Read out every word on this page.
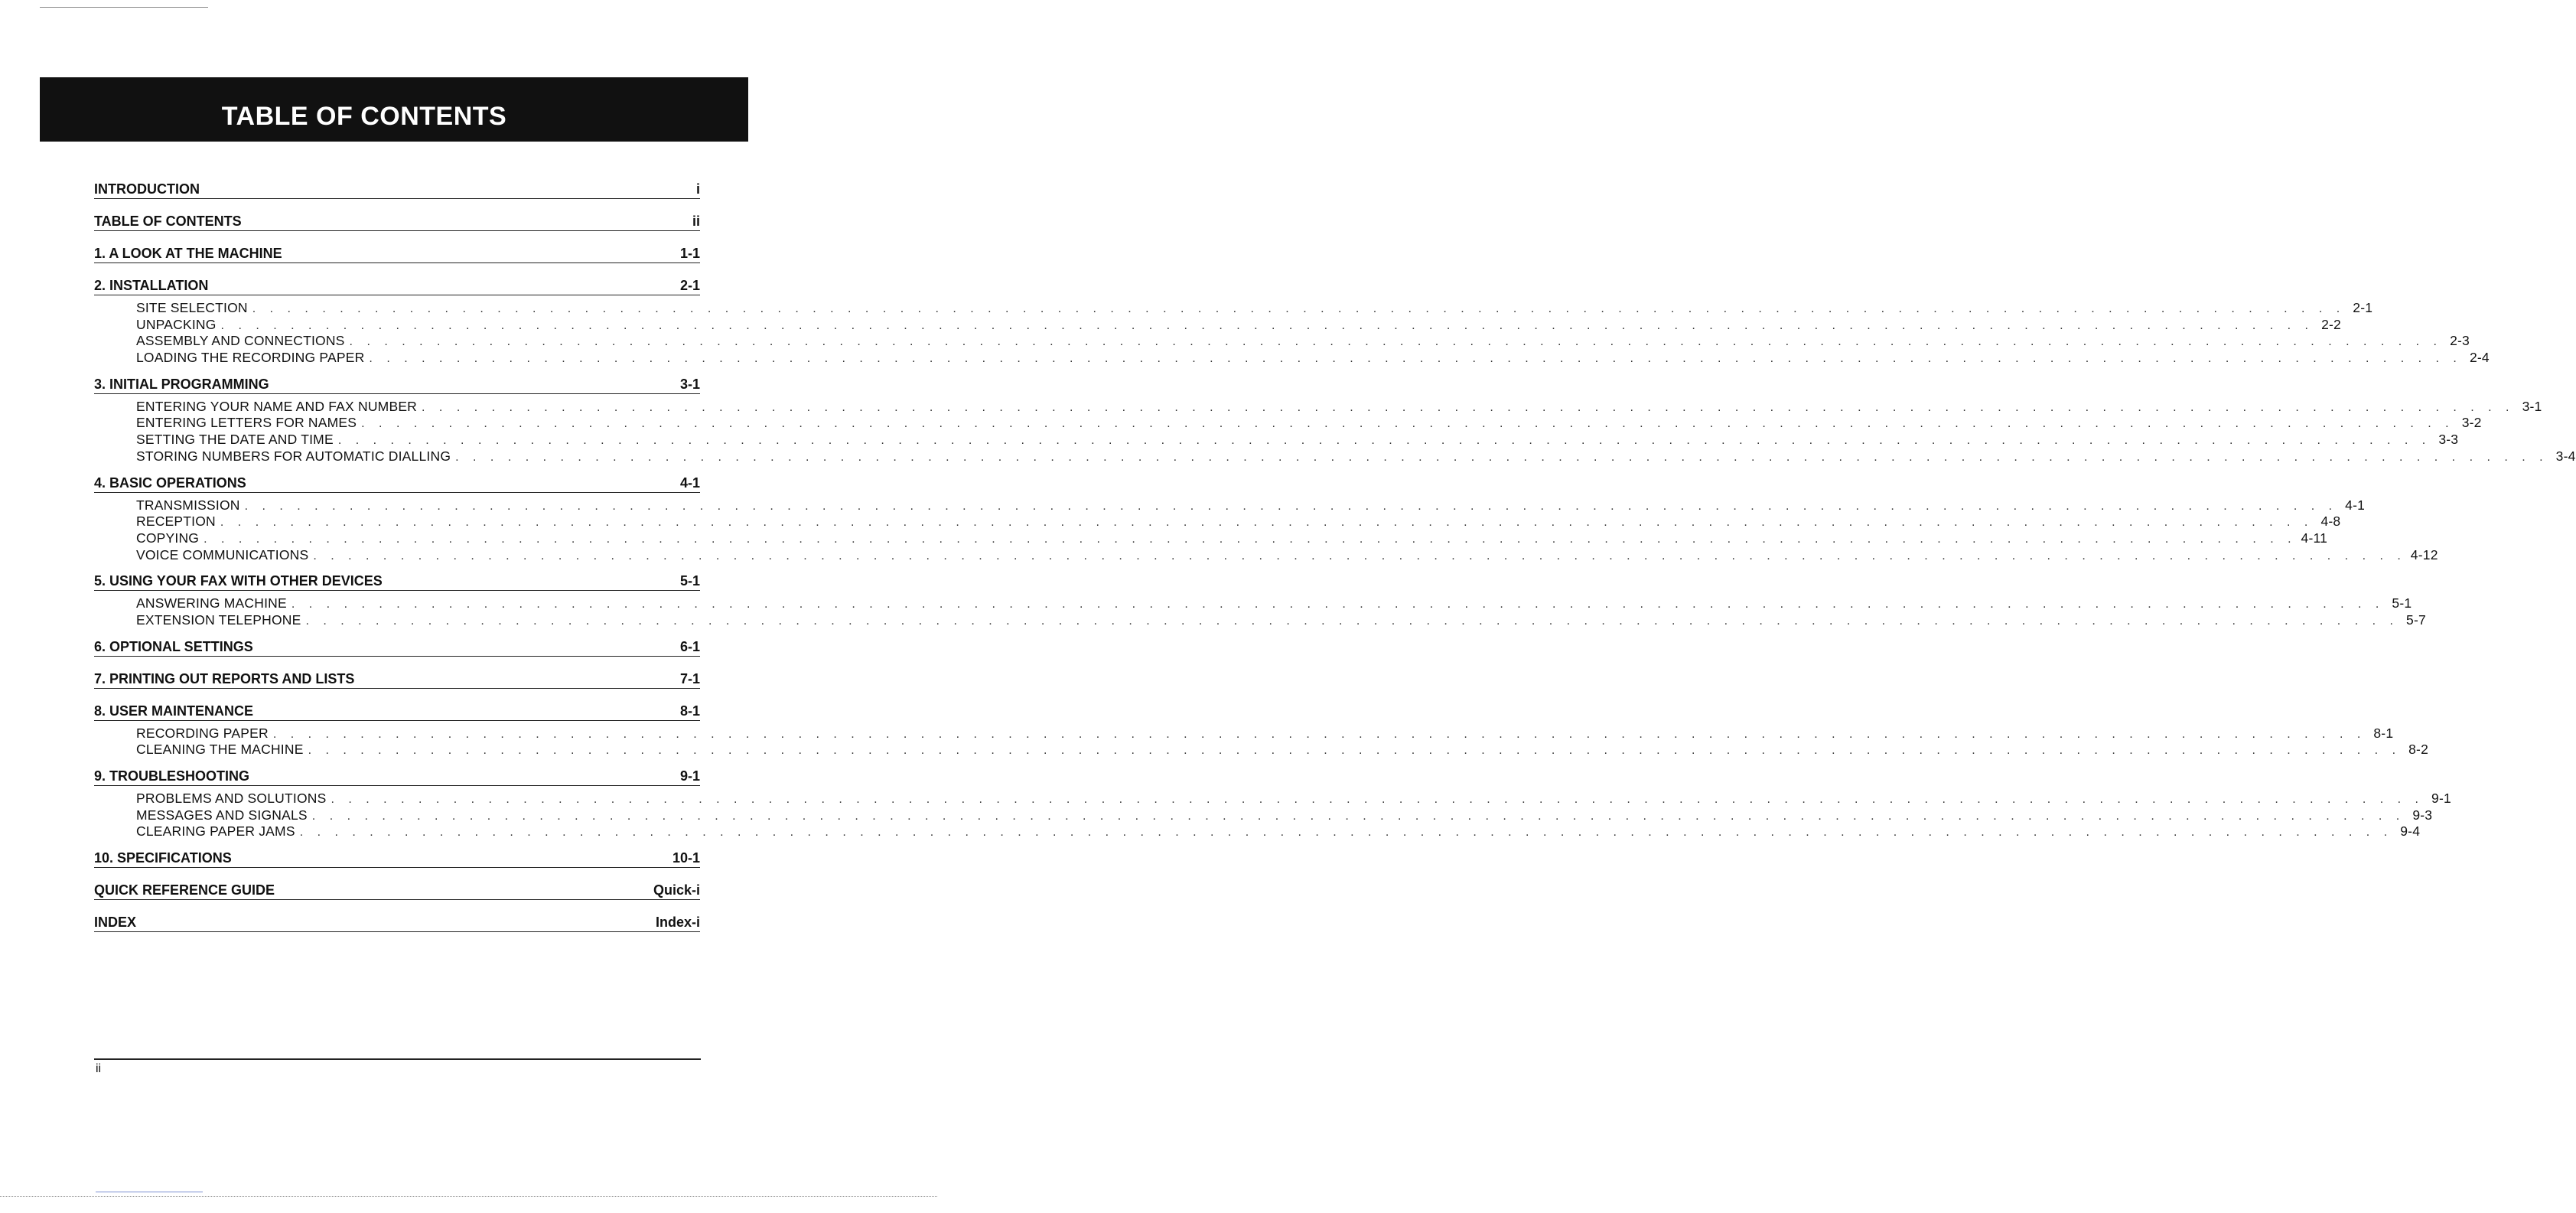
TABLE OF CONTENTS
INTRODUCTION	i
TABLE OF CONTENTS	ii
1. A LOOK AT THE MACHINE	1-1
2. INSTALLATION	2-1
SITE SELECTION . . . . . . . . . . . . . . . . . . . . . . . . . . . . . . . . . . . . . . . . . . . . . . . . . . . . . . . . . . . . . . . . . . . . . . . . . . . . . . . . . . . . . . . . . . . . . . . . . . . . . . . . . . . . . . . . . . . . . . . . 2-1
UNPACKING . . . . . . . . . . . . . . . . . . . . . . . . . . . . . . . . . . . . . . . . . . . . . . . . . . . . . . . . . . . . . . . . . . . . . . . . . . . . . . . . . . . . . . . . . . . . . . . . . . . . . . . . . . . . . . . . . . . . . . . . 2-2
ASSEMBLY AND CONNECTIONS . . . . . . . . . . . . . . . . . . . . . . . . . . . . . . . . . . . . . . . . . . . . . . . . . . . . . . . . . . . . . . . . . . . . . . . . . . . . . . . . . . . . . . . . . . . . . . . . . . . . . . . . . . . . . . . . . . . . . . . . 2-3
LOADING THE RECORDING PAPER . . . . . . . . . . . . . . . . . . . . . . . . . . . . . . . . . . . . . . . . . . . . . . . . . . . . . . . . . . . . . . . . . . . . . . . . . . . . . . . . . . . . . . . . . . . . . . . . . . . . . . . . . . . . . . . . . . . . . . . . 2-4
3. INITIAL PROGRAMMING	3-1
ENTERING YOUR NAME AND FAX NUMBER . . . . . . . . . . . . . . . . . . . . . . . . . . . . . . . . . . . . . . . . . . . . . . . . . . . . . . . . . . . . . . . . . . . . . . . . . . . . . . . . . . . . . . . . . . . . . . . . . . . . . . . . . . . . . . . . . . . . . . . . 3-1
ENTERING LETTERS FOR NAMES . . . . . . . . . . . . . . . . . . . . . . . . . . . . . . . . . . . . . . . . . . . . . . . . . . . . . . . . . . . . . . . . . . . . . . . . . . . . . . . . . . . . . . . . . . . . . . . . . . . . . . . . . . . . . . . . . . . . . . . . 3-2
SETTING THE DATE AND TIME . . . . . . . . . . . . . . . . . . . . . . . . . . . . . . . . . . . . . . . . . . . . . . . . . . . . . . . . . . . . . . . . . . . . . . . . . . . . . . . . . . . . . . . . . . . . . . . . . . . . . . . . . . . . . . . . . . . . . . . . 3-3
STORING NUMBERS FOR AUTOMATIC DIALLING . . . . . . . . . . . . . . . . . . . . . . . . . . . . . . . . . . . . . . . . . . . . . . . . . . . . . . . . . . . . . . . . . . . . . . . . . . . . . . . . . . . . . . . . . . . . . . . . . . . . . . . . . . . . . . . . . . . . . . . . 3-4
4. BASIC OPERATIONS	4-1
TRANSMISSION . . . . . . . . . . . . . . . . . . . . . . . . . . . . . . . . . . . . . . . . . . . . . . . . . . . . . . . . . . . . . . . . . . . . . . . . . . . . . . . . . . . . . . . . . . . . . . . . . . . . . . . . . . . . . . . . . . . . . . . . 4-1
RECEPTION . . . . . . . . . . . . . . . . . . . . . . . . . . . . . . . . . . . . . . . . . . . . . . . . . . . . . . . . . . . . . . . . . . . . . . . . . . . . . . . . . . . . . . . . . . . . . . . . . . . . . . . . . . . . . . . . . . . . . . . . 4-8
COPYING . . . . . . . . . . . . . . . . . . . . . . . . . . . . . . . . . . . . . . . . . . . . . . . . . . . . . . . . . . . . . . . . . . . . . . . . . . . . . . . . . . . . . . . . . . . . . . . . . . . . . . . . . . . . . . . . . . . . . . . . 4-11
VOICE COMMUNICATIONS . . . . . . . . . . . . . . . . . . . . . . . . . . . . . . . . . . . . . . . . . . . . . . . . . . . . . . . . . . . . . . . . . . . . . . . . . . . . . . . . . . . . . . . . . . . . . . . . . . . . . . . . . . . . . . . . . . . . . . . . 4-12
5. USING YOUR FAX WITH OTHER DEVICES	5-1
ANSWERING MACHINE . . . . . . . . . . . . . . . . . . . . . . . . . . . . . . . . . . . . . . . . . . . . . . . . . . . . . . . . . . . . . . . . . . . . . . . . . . . . . . . . . . . . . . . . . . . . . . . . . . . . . . . . . . . . . . . . . . . . . . . . 5-1
EXTENSION TELEPHONE . . . . . . . . . . . . . . . . . . . . . . . . . . . . . . . . . . . . . . . . . . . . . . . . . . . . . . . . . . . . . . . . . . . . . . . . . . . . . . . . . . . . . . . . . . . . . . . . . . . . . . . . . . . . . . . . . . . . . . . . 5-7
6. OPTIONAL SETTINGS	6-1
7. PRINTING OUT REPORTS AND LISTS	7-1
8. USER MAINTENANCE	8-1
RECORDING PAPER . . . . . . . . . . . . . . . . . . . . . . . . . . . . . . . . . . . . . . . . . . . . . . . . . . . . . . . . . . . . . . . . . . . . . . . . . . . . . . . . . . . . . . . . . . . . . . . . . . . . . . . . . . . . . . . . . . . . . . . . 8-1
CLEANING THE MACHINE . . . . . . . . . . . . . . . . . . . . . . . . . . . . . . . . . . . . . . . . . . . . . . . . . . . . . . . . . . . . . . . . . . . . . . . . . . . . . . . . . . . . . . . . . . . . . . . . . . . . . . . . . . . . . . . . . . . . . . . . 8-2
9. TROUBLESHOOTING	9-1
PROBLEMS AND SOLUTIONS . . . . . . . . . . . . . . . . . . . . . . . . . . . . . . . . . . . . . . . . . . . . . . . . . . . . . . . . . . . . . . . . . . . . . . . . . . . . . . . . . . . . . . . . . . . . . . . . . . . . . . . . . . . . . . . . . . . . . . . . 9-1
MESSAGES AND SIGNALS . . . . . . . . . . . . . . . . . . . . . . . . . . . . . . . . . . . . . . . . . . . . . . . . . . . . . . . . . . . . . . . . . . . . . . . . . . . . . . . . . . . . . . . . . . . . . . . . . . . . . . . . . . . . . . . . . . . . . . . . 9-3
CLEARING PAPER JAMS . . . . . . . . . . . . . . . . . . . . . . . . . . . . . . . . . . . . . . . . . . . . . . . . . . . . . . . . . . . . . . . . . . . . . . . . . . . . . . . . . . . . . . . . . . . . . . . . . . . . . . . . . . . . . . . . . . . . . . . . 9-4
10. SPECIFICATIONS	10-1
QUICK REFERENCE GUIDE	Quick-i
INDEX	Index-i
ii
